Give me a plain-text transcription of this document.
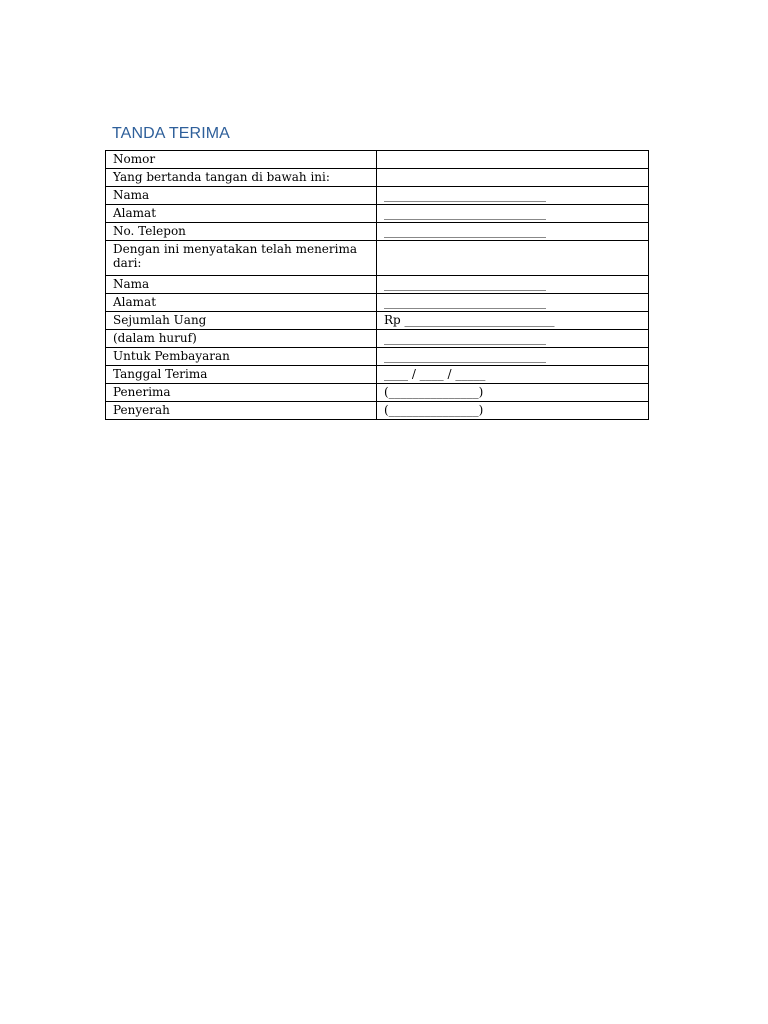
TANDA TERIMA
Nomor	
Yang bertanda tangan di bawah ini:	
Nama	___________________________
Alamat	___________________________
No. Telepon	___________________________
Dengan ini menyatakan telah menerima dari:	
Nama	___________________________
Alamat	___________________________
Sejumlah Uang	Rp _________________________
(dalam huruf)	___________________________
Untuk Pembayaran	___________________________
Tanggal Terima	____ / ____ / _____
Penerima	(_______________)
Penyerah	(_______________)
